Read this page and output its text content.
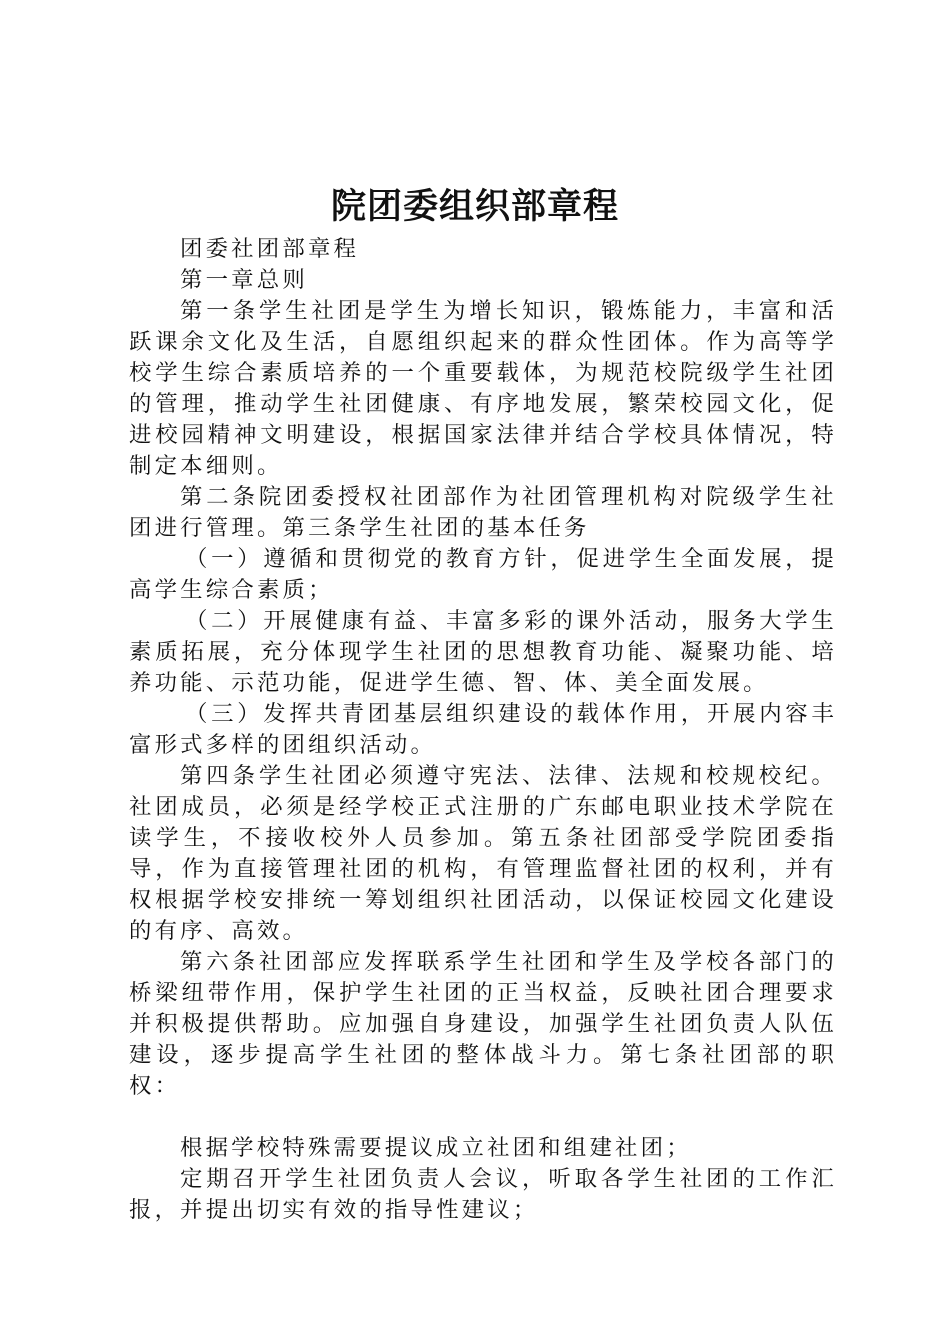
院团委组织部章程

团委社团部章程

第一章总则

第一条学生社团是学生为增长知识，锻炼能力，丰富和活跃课余文化及生活，自愿组织起来的群众性团体。作为高等学校学生综合素质培养的一个重要载体，为规范校院级学生社团的管理，推动学生社团健康、有序地发展，繁荣校园文化，促进校园精神文明建设，根据国家法律并结合学校具体情况，特制定本细则。

第二条院团委授权社团部作为社团管理机构对院级学生社团进行管理。第三条学生社团的基本任务

（一）遵循和贯彻党的教育方针，促进学生全面发展，提高学生综合素质；

（二）开展健康有益、丰富多彩的课外活动，服务大学生素质拓展，充分体现学生社团的思想教育功能、凝聚功能、培养功能、示范功能，促进学生德、智、体、美全面发展。

（三）发挥共青团基层组织建设的载体作用，开展内容丰富形式多样的团组织活动。

第四条学生社团必须遵守宪法、法律、法规和校规校纪。社团成员，必须是经学校正式注册的广东邮电职业技术学院在读学生，不接收校外人员参加。第五条社团部受学院团委指导，作为直接管理社团的机构，有管理监督社团的权利，并有权根据学校安排统一筹划组织社团活动，以保证校园文化建设的有序、高效。

第六条社团部应发挥联系学生社团和学生及学校各部门的桥梁纽带作用，保护学生社团的正当权益，反映社团合理要求并积极提供帮助。应加强自身建设，加强学生社团负责人队伍建设，逐步提高学生社团的整体战斗力。第七条社团部的职权：

根据学校特殊需要提议成立社团和组建社团；

定期召开学生社团负责人会议，听取各学生社团的工作汇报，并提出切实有效的指导性建议；
